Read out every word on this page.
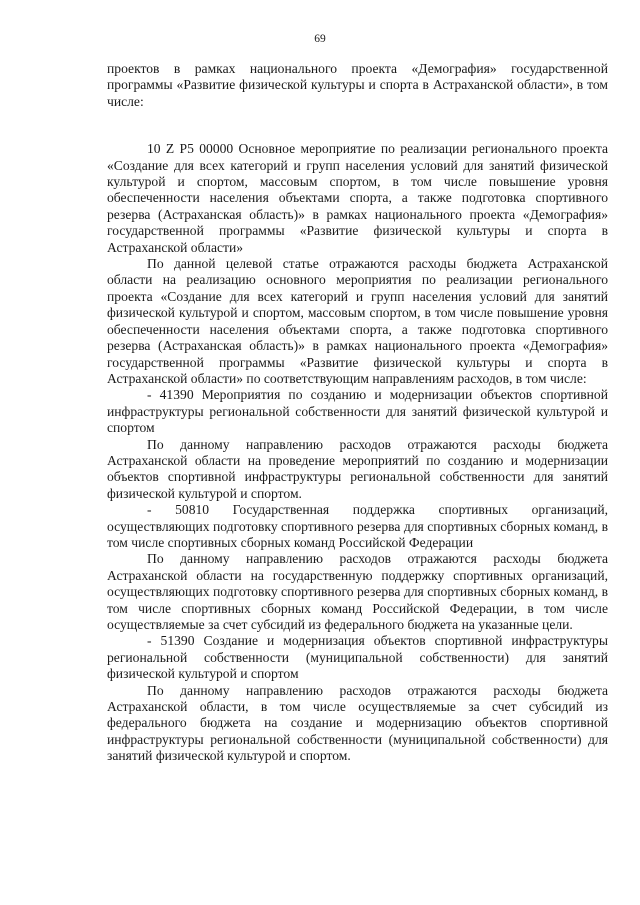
69

проектов в рамках национального проекта «Демография» государственной программы «Развитие физической культуры и спорта в Астраханской области», в том числе:

10 Z P5 00000 Основное мероприятие по реализации регионального проекта «Создание для всех категорий и групп населения условий для занятий физической культурой и спортом, массовым спортом, в том числе повышение уровня обеспеченности населения объектами спорта, а также подготовка спортивного резерва (Астраханская область)» в рамках национального проекта «Демография» государственной программы «Развитие физической культуры и спорта в Астраханской области»

По данной целевой статье отражаются расходы бюджета Астраханской области на реализацию основного мероприятия по реализации регионального проекта «Создание для всех категорий и групп населения условий для занятий физической культурой и спортом, массовым спортом, в том числе повышение уровня обеспеченности населения объектами спорта, а также подготовка спортивного резерва (Астраханская область)» в рамках национального проекта «Демография» государственной программы «Развитие физической культуры и спорта в Астраханской области» по соответствующим направлениям расходов, в том числе:

- 41390 Мероприятия по созданию и модернизации объектов спортивной инфраструктуры региональной собственности для занятий физической культурой и спортом

По данному направлению расходов отражаются расходы бюджета Астраханской области на проведение мероприятий по созданию и модернизации объектов спортивной инфраструктуры региональной собственности для занятий физической культурой и спортом.

- 50810 Государственная поддержка спортивных организаций, осуществляющих подготовку спортивного резерва для спортивных сборных команд, в том числе спортивных сборных команд Российской Федерации

По данному направлению расходов отражаются расходы бюджета Астраханской области на государственную поддержку спортивных организаций, осуществляющих подготовку спортивного резерва для спортивных сборных команд, в том числе спортивных сборных команд Российской Федерации, в том числе осуществляемые за счет субсидий из федерального бюджета на указанные цели.

- 51390 Создание и модернизация объектов спортивной инфраструктуры региональной собственности (муниципальной собственности) для занятий физической культурой и спортом

По данному направлению расходов отражаются расходы бюджета Астраханской области, в том числе осуществляемые за счет субсидий из федерального бюджета на создание и модернизацию объектов спортивной инфраструктуры региональной собственности (муниципальной собственности) для занятий физической культурой и спортом.
